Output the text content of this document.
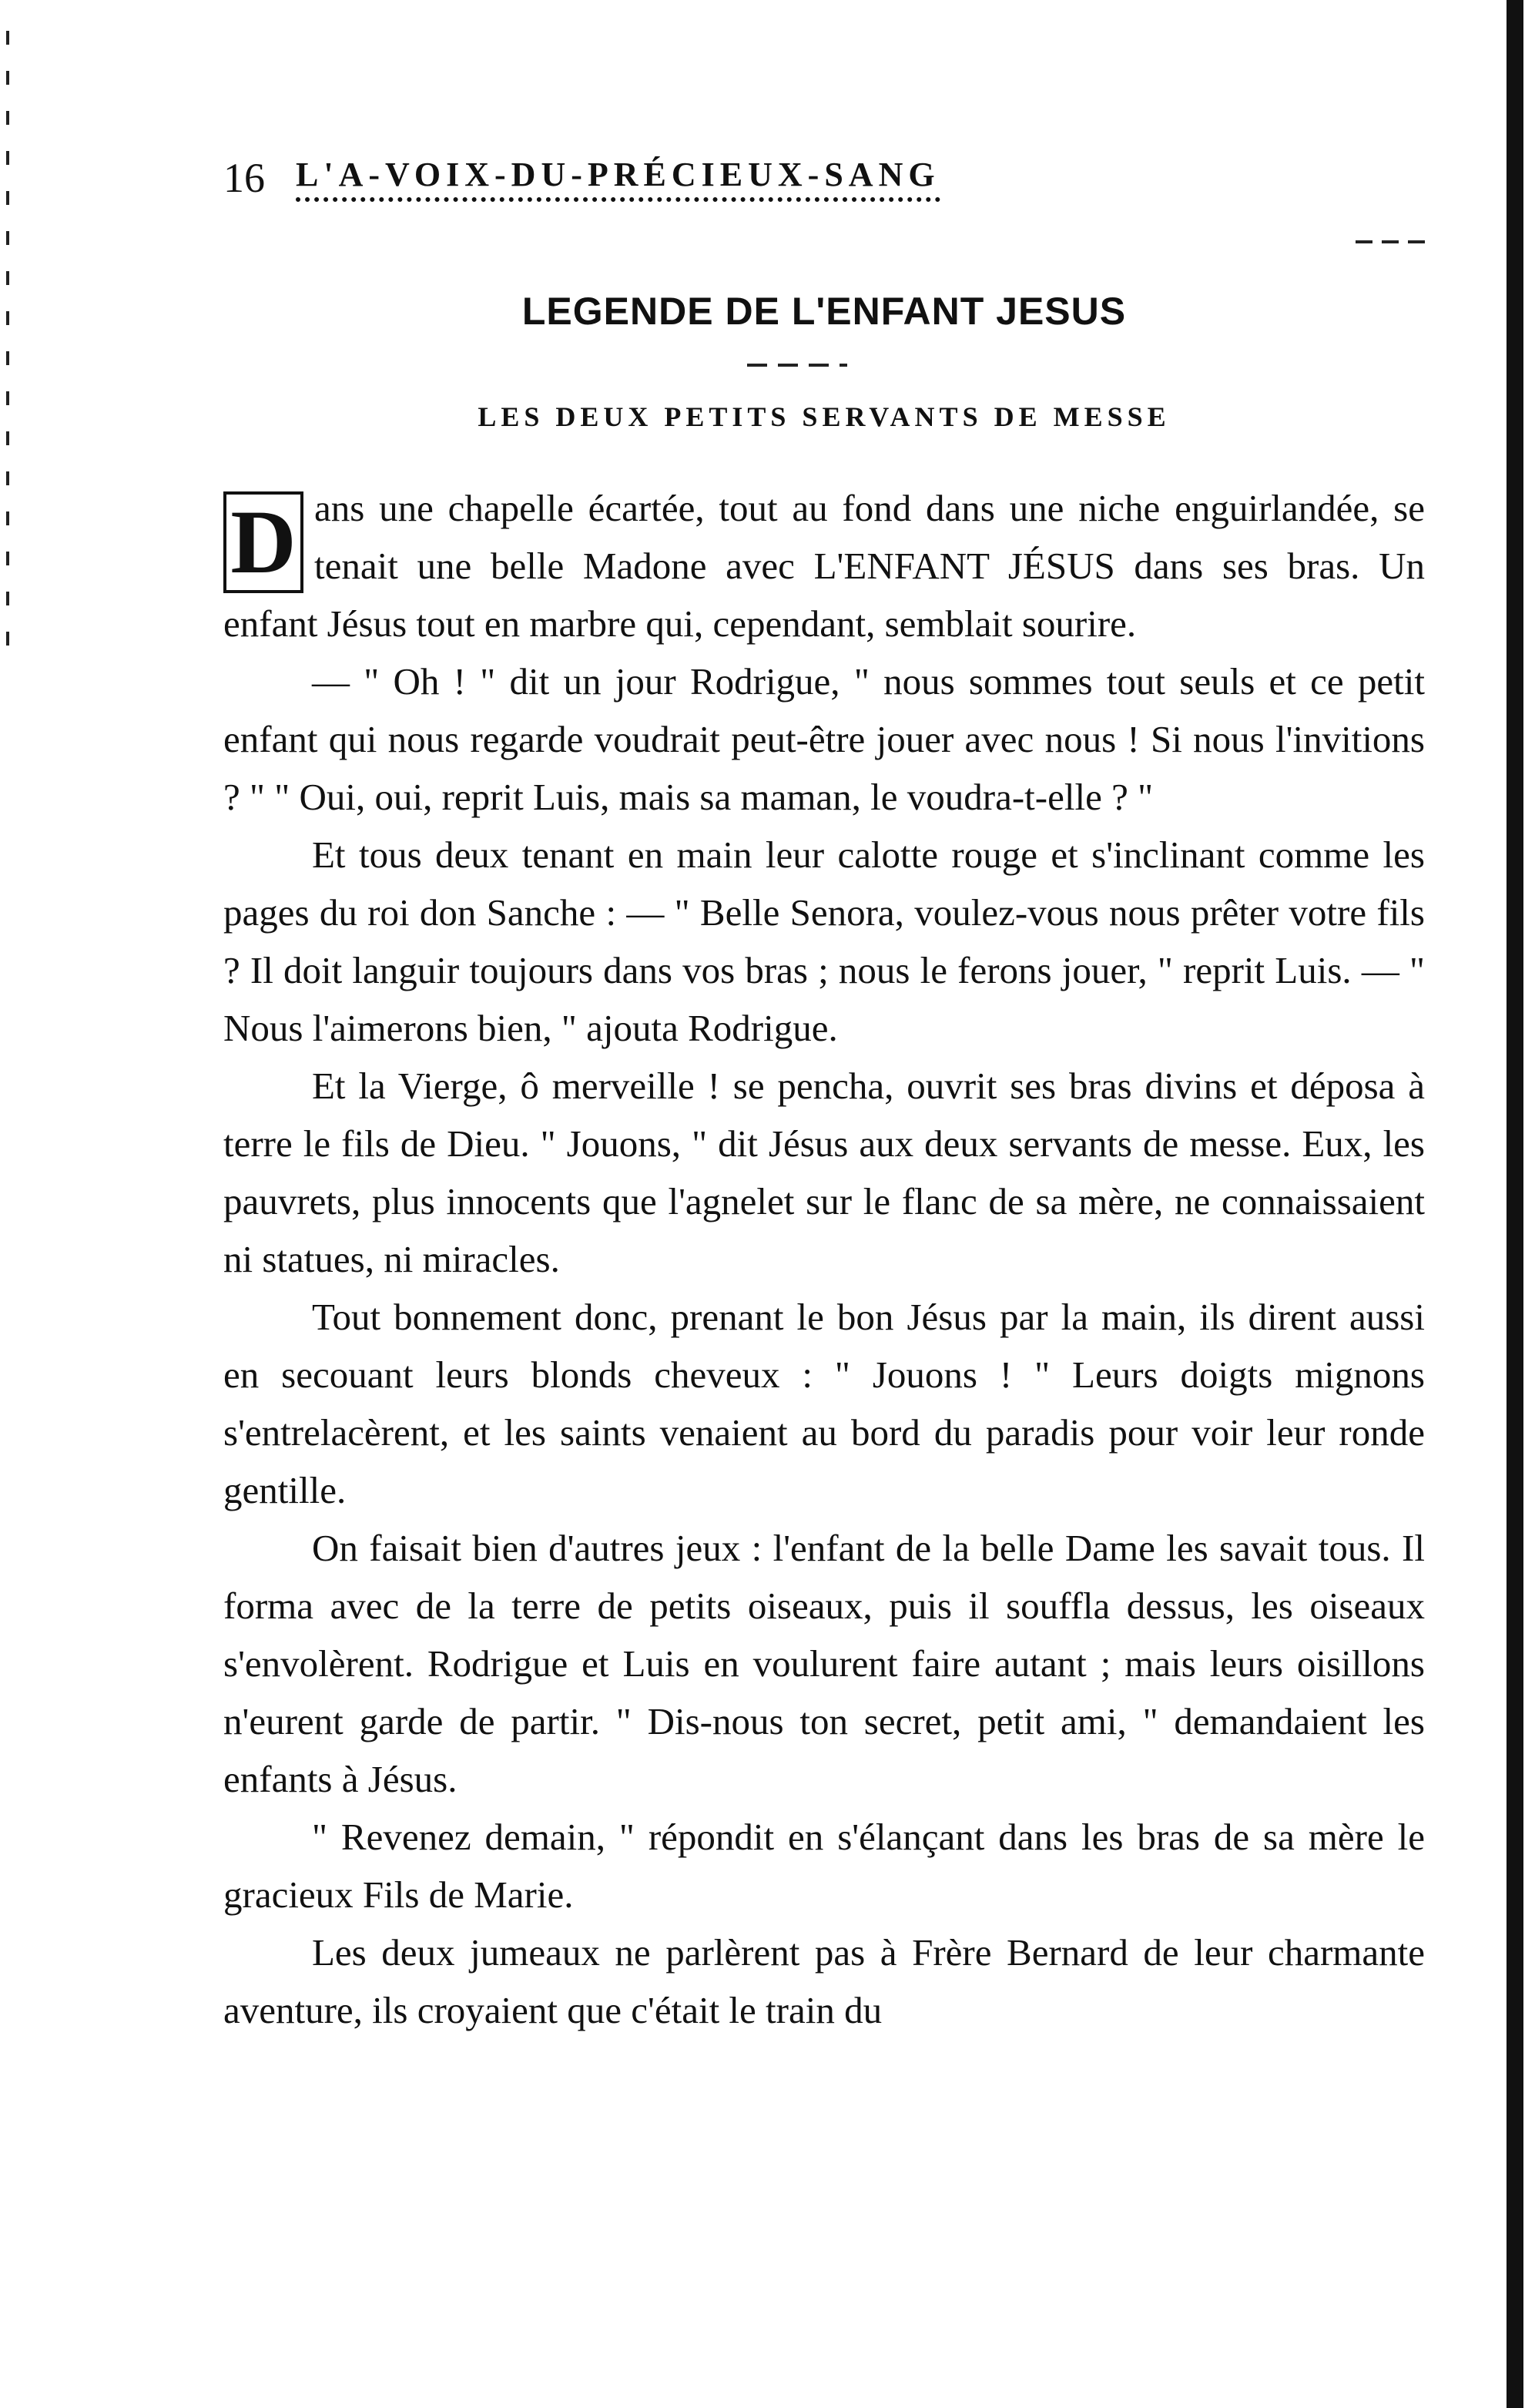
16 L'A-VOIX-DU-PRÉCIEUX-SANG
LEGENDE DE L'ENFANT JESUS
LES DEUX PETITS SERVANTS DE MESSE

D ans une chapelle écartée, tout au fond dans une niche enguirlandée, se tenait une belle Madone avec L'ENFANT JÉSUS dans ses bras. Un enfant Jésus tout en marbre qui, cependant, semblait sourire.

— " Oh ! " dit un jour Rodrigue, " nous sommes tout seuls et ce petit enfant qui nous regarde voudrait peut-être jouer avec nous ! Si nous l'invitions ? " " Oui, oui, reprit Luis, mais sa maman, le voudra-t-elle ? "

Et tous deux tenant en main leur calotte rouge et s'inclinant comme les pages du roi don Sanche : — " Belle Senora, voulez-vous nous prêter votre fils ? Il doit languir toujours dans vos bras ; nous le ferons jouer, " reprit Luis. — " Nous l'aimerons bien, " ajouta Rodrigue.

Et la Vierge, ô merveille ! se pencha, ouvrit ses bras divins et déposa à terre le fils de Dieu. " Jouons, " dit Jésus aux deux servants de messe. Eux, les pauvrets, plus innocents que l'agnelet sur le flanc de sa mère, ne connaissaient ni statues, ni miracles.

Tout bonnement donc, prenant le bon Jésus par la main, ils dirent aussi en secouant leurs blonds cheveux : " Jouons ! " Leurs doigts mignons s'entrelacèrent, et les saints venaient au bord du paradis pour voir leur ronde gentille.

On faisait bien d'autres jeux : l'enfant de la belle Dame les savait tous. Il forma avec de la terre de petits oiseaux, puis il souffla dessus, les oiseaux s'envolèrent. Rodrigue et Luis en voulurent faire autant ; mais leurs oisillons n'eurent garde de partir. " Dis-nous ton secret, petit ami, " demandaient les enfants à Jésus.

" Revenez demain, " répondit en s'élançant dans les bras de sa mère le gracieux Fils de Marie.

Les deux jumeaux ne parlèrent pas à Frère Bernard de leur charmante aventure, ils croyaient que c'était le train du
